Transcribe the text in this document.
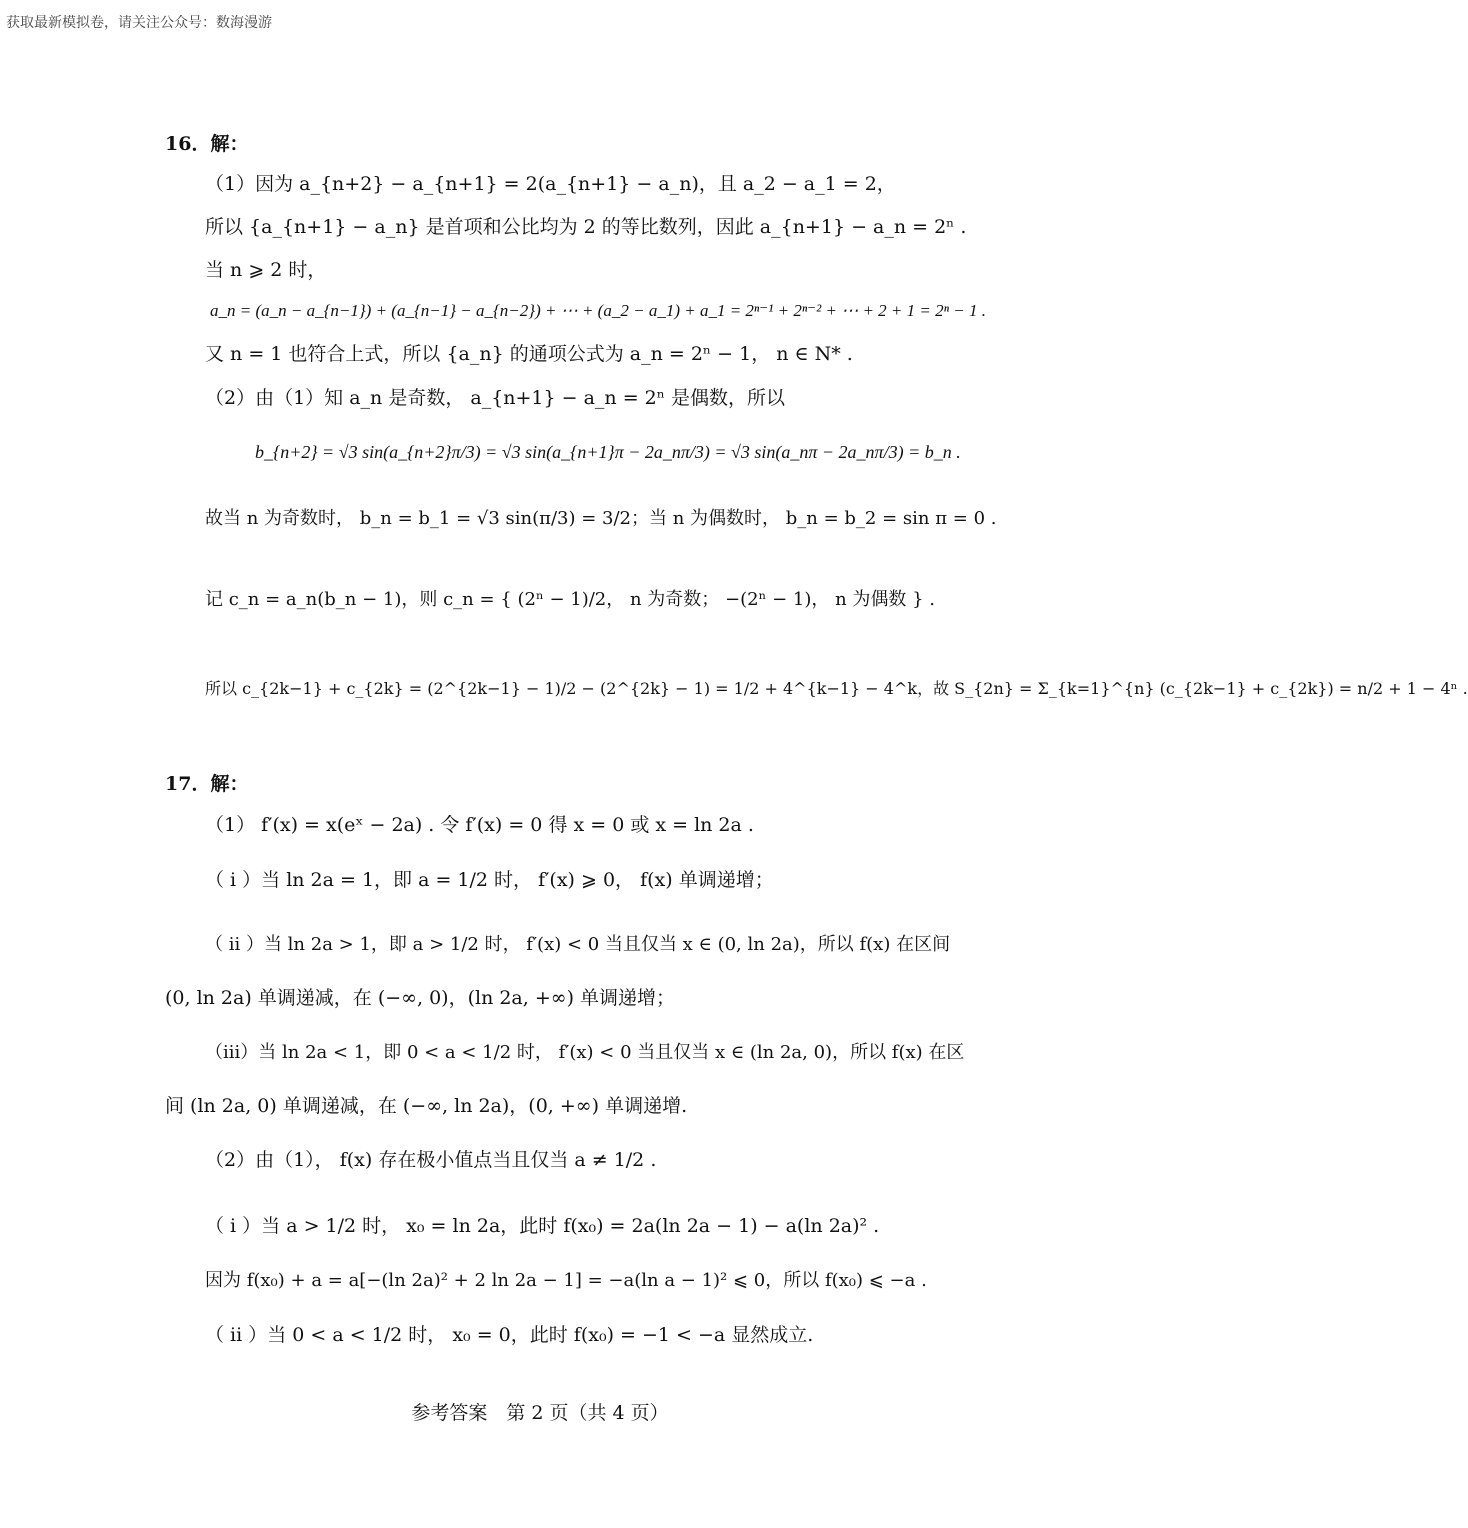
获取最新模拟卷，请关注公众号：数海漫游
16．解：
（1）因为 a_{n+2} − a_{n+1} = 2(a_{n+1} − a_n)，且 a_2 − a_1 = 2，
所以 {a_{n+1} − a_n} 是首项和公比均为 2 的等比数列，因此 a_{n+1} − a_n = 2ⁿ .
当 n ⩾ 2 时，
a_n = (a_n − a_{n−1}) + (a_{n−1} − a_{n−2}) + ⋯ + (a_2 − a_1) + a_1 = 2ⁿ⁻¹ + 2ⁿ⁻² + ⋯ + 2 + 1 = 2ⁿ − 1 .
又 n = 1 也符合上式，所以 {a_n} 的通项公式为 a_n = 2ⁿ − 1， n ∈ N* .
（2）由（1）知 a_n 是奇数， a_{n+1} − a_n = 2ⁿ 是偶数，所以
b_{n+2} = √3 sin(a_{n+2}π/3) = √3 sin(a_{n+1}π − 2a_nπ/3) = √3 sin(a_nπ − 2a_nπ/3) = b_n .
故当 n 为奇数时， b_n = b_1 = √3 sin(π/3) = 3/2；当 n 为偶数时， b_n = b_2 = sin π = 0 .
记 c_n = a_n(b_n − 1)，则 c_n = { (2ⁿ − 1)/2， n 为奇数； −(2ⁿ − 1)， n 为偶数 } .
所以 c_{2k−1} + c_{2k} = (2^{2k−1} − 1)/2 − (2^{2k} − 1) = 1/2 + 4^{k−1} − 4^k，故 S_{2n} = Σ_{k=1}^{n} (c_{2k−1} + c_{2k}) = n/2 + 1 − 4ⁿ .
17．解：
（1） f′(x) = x(eˣ − 2a) . 令 f′(x) = 0 得 x = 0 或 x = ln 2a .
（ i ）当 ln 2a = 1，即 a = 1/2 时， f′(x) ⩾ 0， f(x) 单调递增；
（ ii ）当 ln 2a > 1，即 a > 1/2 时， f′(x) < 0 当且仅当 x ∈ (0, ln 2a)，所以 f(x) 在区间
(0, ln 2a) 单调递减，在 (−∞, 0)，(ln 2a, +∞) 单调递增；
（iii）当 ln 2a < 1，即 0 < a < 1/2 时， f′(x) < 0 当且仅当 x ∈ (ln 2a, 0)，所以 f(x) 在区
间 (ln 2a, 0) 单调递减，在 (−∞, ln 2a)，(0, +∞) 单调递增.
（2）由（1）， f(x) 存在极小值点当且仅当 a ≠ 1/2 .
（ i ）当 a > 1/2 时， x₀ = ln 2a，此时 f(x₀) = 2a(ln 2a − 1) − a(ln 2a)² .
因为 f(x₀) + a = a[−(ln 2a)² + 2 ln 2a − 1] = −a(ln a − 1)² ⩽ 0，所以 f(x₀) ⩽ −a .
（ ii ）当 0 < a < 1/2 时， x₀ = 0，此时 f(x₀) = −1 < −a 显然成立.
参考答案　第 2 页（共 4 页）
